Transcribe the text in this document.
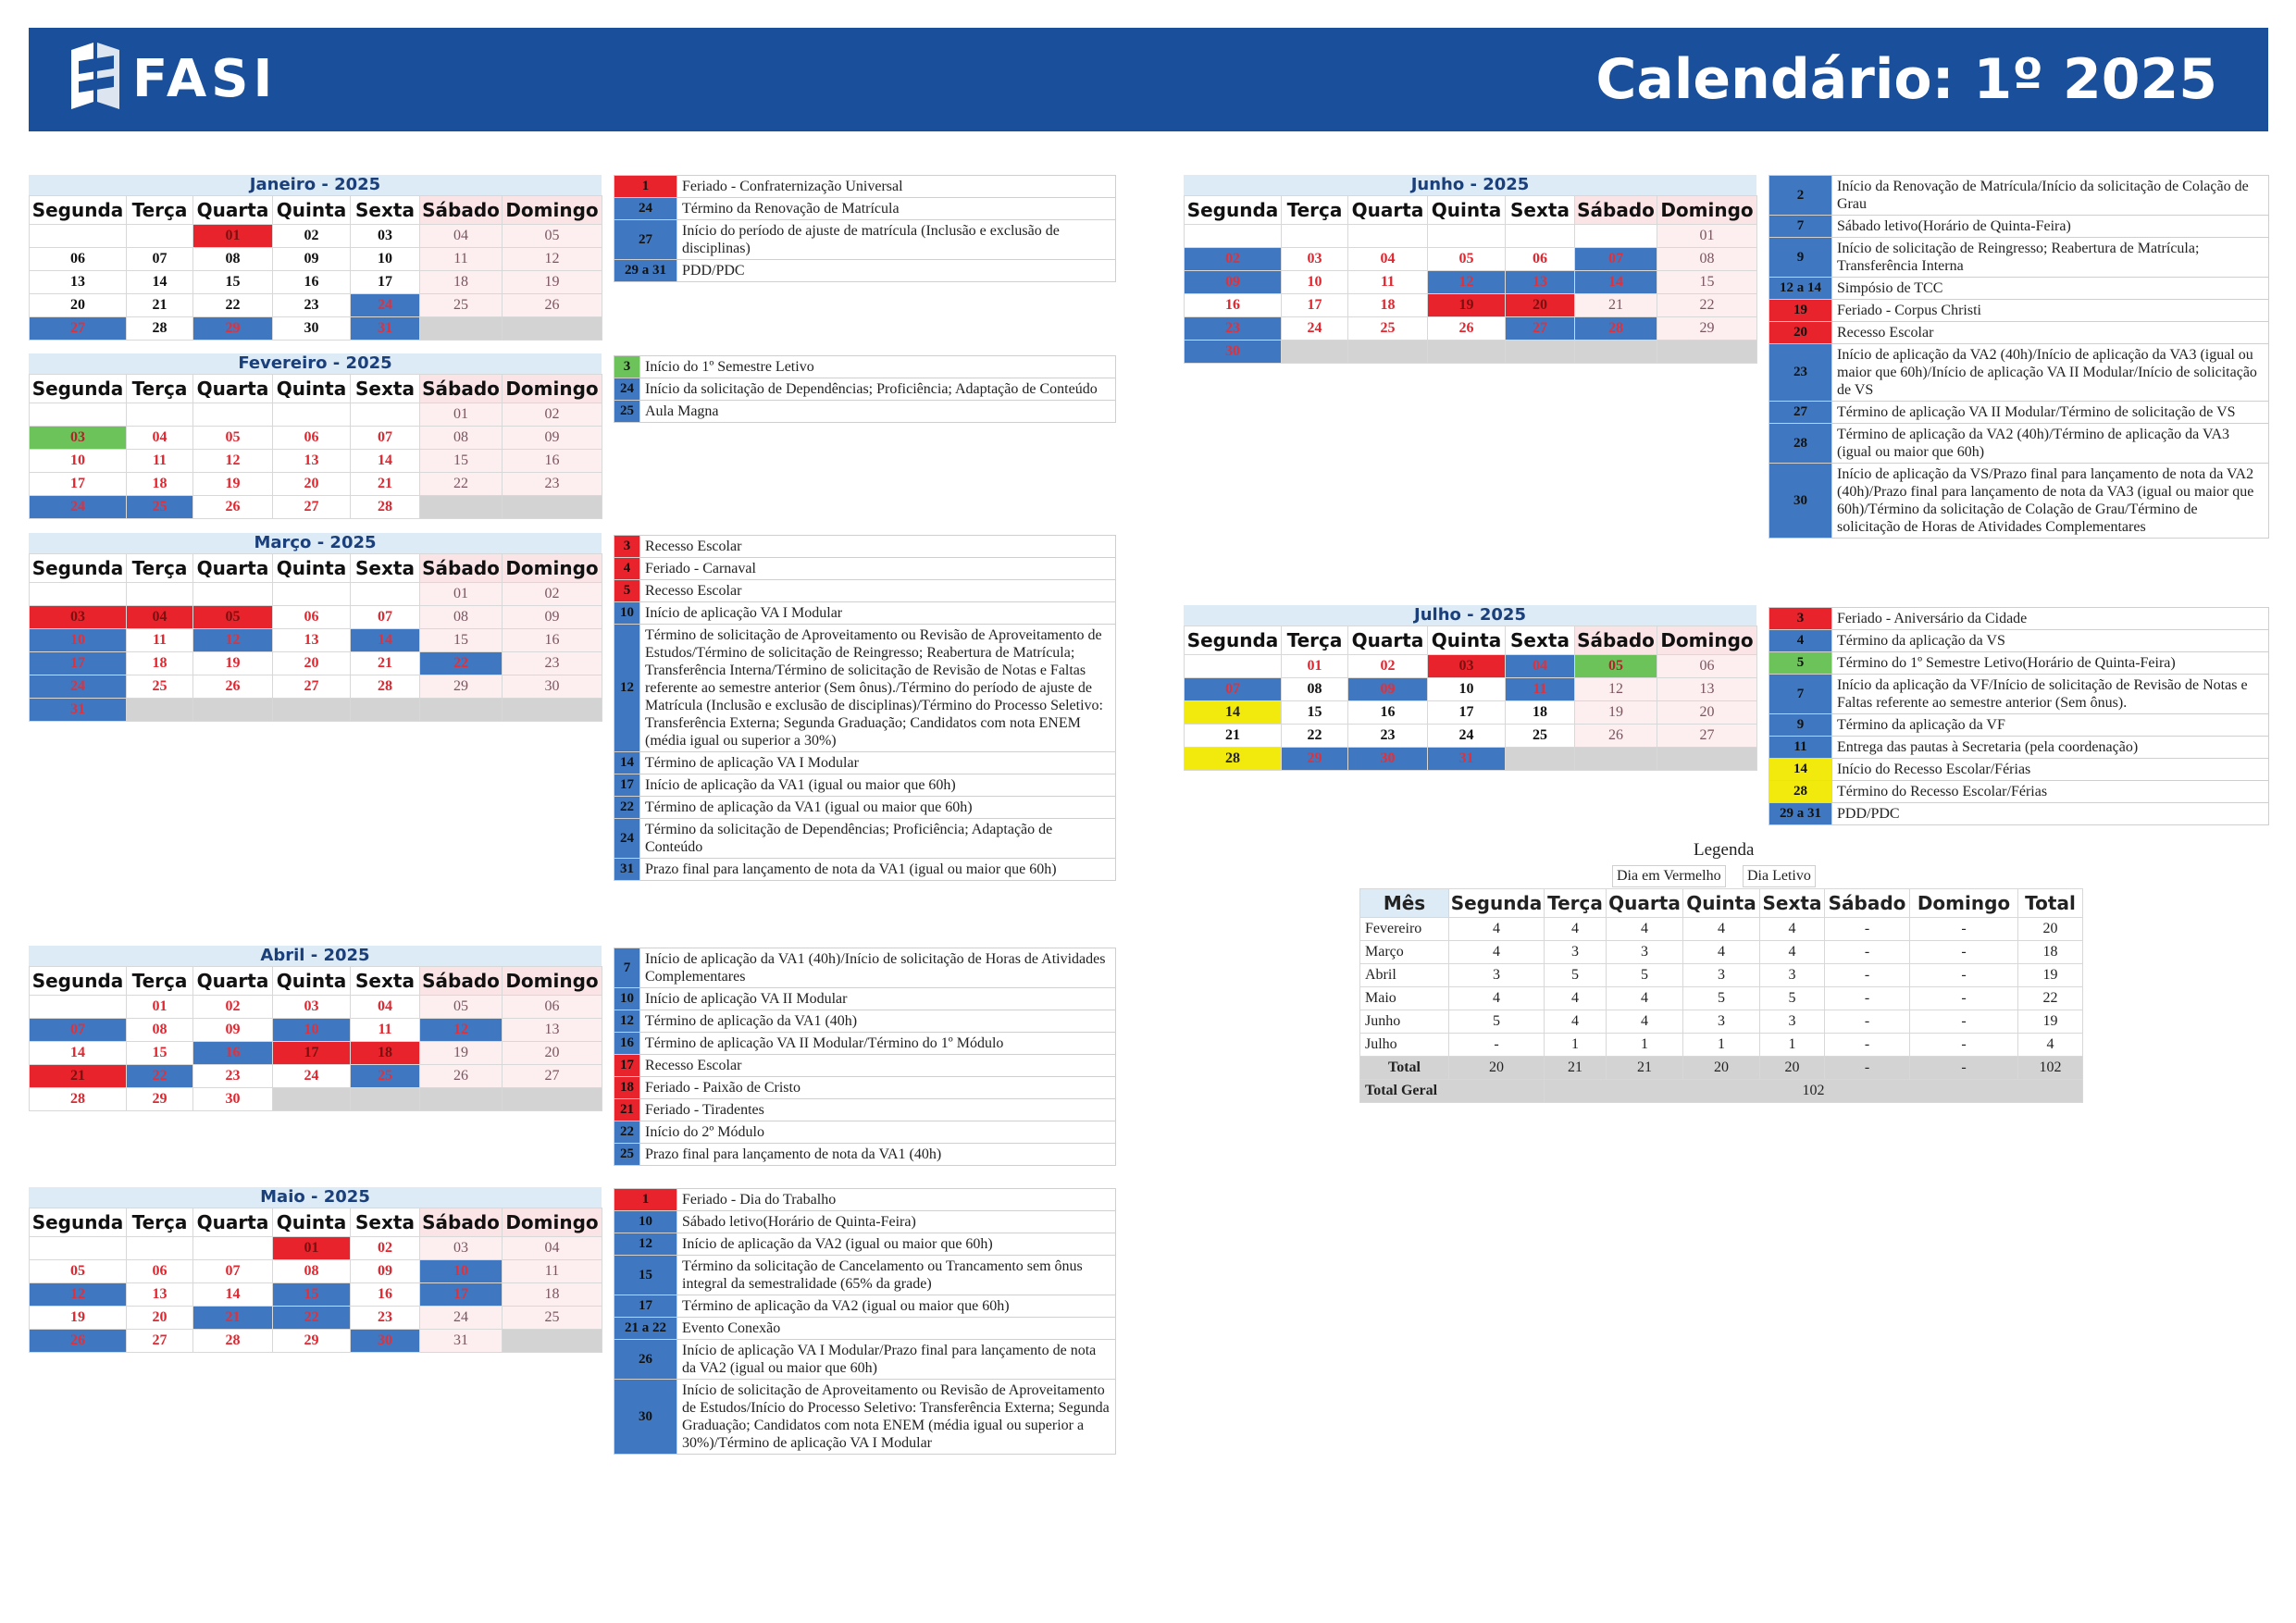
FASI	Calendário: 1º 2025
Janeiro - 2025
Segunda	Terça	Quarta	Quinta	Sexta	Sábado	Domingo
		01	02	03	04	05
06	07	08	09	10	11	12
13	14	15	16	17	18	19
20	21	22	23	24	25	26
27	28	29	30	31		
1	Feriado - Confraternização Universal
24	Término da Renovação de Matrícula
27	Início do período de ajuste de matrícula (Inclusão e exclusão de disciplinas)
29 a 31	PDD/PDC
Fevereiro - 2025
Segunda	Terça	Quarta	Quinta	Sexta	Sábado	Domingo
					01	02
03	04	05	06	07	08	09
10	11	12	13	14	15	16
17	18	19	20	21	22	23
24	25	26	27	28		
3	Início do 1º Semestre Letivo
24	Início da solicitação de Dependências; Proficiência; Adaptação de Conteúdo
25	Aula Magna
Março - 2025
Segunda	Terça	Quarta	Quinta	Sexta	Sábado	Domingo
					01	02
03	04	05	06	07	08	09
10	11	12	13	14	15	16
17	18	19	20	21	22	23
24	25	26	27	28	29	30
31						
3	Recesso Escolar
4	Feriado - Carnaval
5	Recesso Escolar
10	Início de aplicação VA I Modular
12	Término de solicitação de Aproveitamento ou Revisão de Aproveitamento de Estudos/Término de solicitação de Reingresso; Reabertura de Matrícula; Transferência Interna/Término de solicitação de Revisão de Notas e Faltas referente ao semestre anterior (Sem ônus)./Término do período de ajuste de Matrícula (Inclusão e exclusão de disciplinas)/Término do Processo Seletivo: Transferência Externa; Segunda Graduação; Candidatos com nota ENEM (média igual ou superior a 30%)
14	Término de aplicação VA I Modular
17	Início de aplicação da VA1 (igual ou maior que 60h)
22	Término de aplicação da VA1 (igual ou maior que 60h)
24	Término da solicitação de Dependências; Proficiência; Adaptação de Conteúdo
31	Prazo final para lançamento de nota da VA1 (igual ou maior que 60h)
Abril - 2025
Segunda	Terça	Quarta	Quinta	Sexta	Sábado	Domingo
	01	02	03	04	05	06
07	08	09	10	11	12	13
14	15	16	17	18	19	20
21	22	23	24	25	26	27
28	29	30				
7	Início de aplicação da VA1 (40h)/Início de solicitação de Horas de Atividades Complementares
10	Início de aplicação VA II Modular
12	Término de aplicação da VA1 (40h)
16	Término de aplicação VA II Modular/Término do 1º Módulo
17	Recesso Escolar
18	Feriado - Paixão de Cristo
21	Feriado - Tiradentes
22	Início do 2º Módulo
25	Prazo final para lançamento de nota da VA1 (40h)
Maio - 2025
Segunda	Terça	Quarta	Quinta	Sexta	Sábado	Domingo
			01	02	03	04
05	06	07	08	09	10	11
12	13	14	15	16	17	18
19	20	21	22	23	24	25
26	27	28	29	30	31	
1	Feriado - Dia do Trabalho
10	Sábado letivo(Horário de Quinta-Feira)
12	Início de aplicação da VA2 (igual ou maior que 60h)
15	Término da solicitação de Cancelamento ou Trancamento sem ônus integral da semestralidade (65% da grade)
17	Término de aplicação da VA2 (igual ou maior que 60h)
21 a 22	Evento Conexão
26	Início de aplicação VA I Modular/Prazo final para lançamento de nota da VA2 (igual ou maior que 60h)
30	Início de solicitação de Aproveitamento ou Revisão de Aproveitamento de Estudos/Início do Processo Seletivo: Transferência Externa; Segunda Graduação; Candidatos com nota ENEM (média igual ou superior a 30%)/Término de aplicação VA I Modular
Junho - 2025
Segunda	Terça	Quarta	Quinta	Sexta	Sábado	Domingo
						01
02	03	04	05	06	07	08
09	10	11	12	13	14	15
16	17	18	19	20	21	22
23	24	25	26	27	28	29
30						
2	Início da Renovação de Matrícula/Início da solicitação de Colação de Grau
7	Sábado letivo(Horário de Quinta-Feira)
9	Início de solicitação de Reingresso; Reabertura de Matrícula; Transferência Interna
12 a 14	Simpósio de TCC
19	Feriado - Corpus Christi
20	Recesso Escolar
23	Início de aplicação da VA2 (40h)/Início de aplicação da VA3 (igual ou maior que 60h)/Início de aplicação VA II Modular/Início de solicitação de VS
27	Término de aplicação VA II Modular/Término de solicitação de VS
28	Término de aplicação da VA2 (40h)/Término de aplicação da VA3 (igual ou maior que 60h)
30	Início de aplicação da VS/Prazo final para lançamento de nota da VA2 (40h)/Prazo final para lançamento de nota da VA3 (igual ou maior que 60h)/Término da solicitação de Colação de Grau/Término de solicitação de Horas de Atividades Complementares
Julho - 2025
Segunda	Terça	Quarta	Quinta	Sexta	Sábado	Domingo
	01	02	03	04	05	06
07	08	09	10	11	12	13
14	15	16	17	18	19	20
21	22	23	24	25	26	27
28	29	30	31			
3	Feriado - Aniversário da Cidade
4	Término da aplicação da VS
5	Término do 1º Semestre Letivo(Horário de Quinta-Feira)
7	Início da aplicação da VF/Início de solicitação de Revisão de Notas e Faltas referente ao semestre anterior (Sem ônus).
9	Término da aplicação da VF
11	Entrega das pautas à Secretaria (pela coordenação)
14	Início do Recesso Escolar/Férias
28	Término do Recesso Escolar/Férias
29 a 31	PDD/PDC
Legenda
Dia em Vermelho	Dia Letivo
Mês	Segunda	Terça	Quarta	Quinta	Sexta	Sábado	Domingo	Total
Fevereiro	4	4	4	4	4	-	-	20
Março	4	3	3	4	4	-	-	18
Abril	3	5	5	3	3	-	-	19
Maio	4	4	4	5	5	-	-	22
Junho	5	4	4	3	3	-	-	19
Julho	-	1	1	1	1	-	-	4
Total	20	21	21	20	20	-	-	102
Total Geral		102						
